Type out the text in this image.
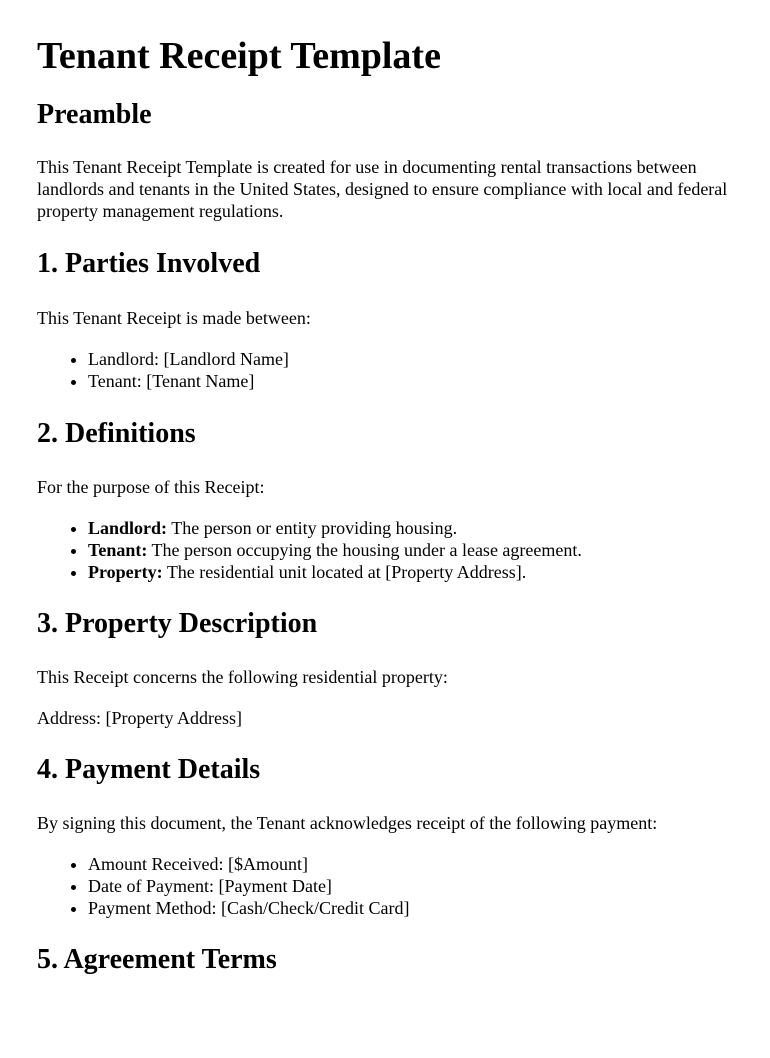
Tenant Receipt Template
Preamble

This Tenant Receipt Template is created for use in documenting rental transactions between landlords and tenants in the United States, designed to ensure compliance with local and federal property management regulations.

1. Parties Involved

This Tenant Receipt is made between:

• Landlord: [Landlord Name]
• Tenant: [Tenant Name]
2. Definitions

For the purpose of this Receipt:

• Landlord: The person or entity providing housing.
• Tenant: The person occupying the housing under a lease agreement.
• Property: The residential unit located at [Property Address].
3. Property Description

This Receipt concerns the following residential property:

Address: [Property Address]

4. Payment Details

By signing this document, the Tenant acknowledges receipt of the following payment:

• Amount Received: [$Amount]
• Date of Payment: [Payment Date]
• Payment Method: [Cash/Check/Credit Card]
5. Agreement Terms
